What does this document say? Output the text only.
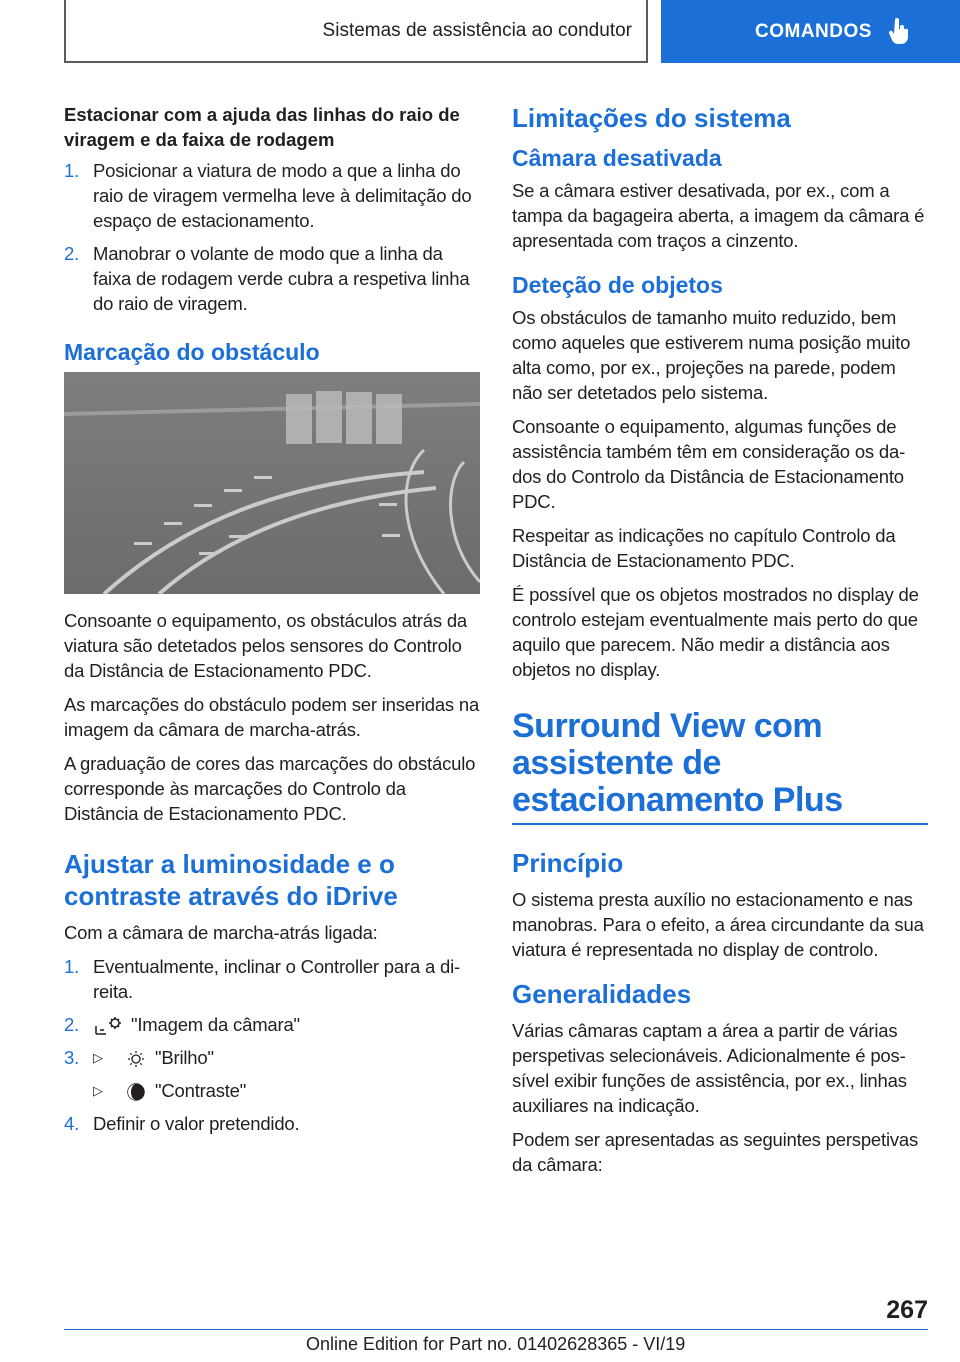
Sistemas de assistência ao condutor	COMANDOS
Estacionar com a ajuda das linhas do raio de viragem e da faixa de rodagem
1. Posicionar a viatura de modo a que a linha do raio de viragem vermelha leve à delimitação do espaço de estacionamento.
2. Manobrar o volante de modo que a linha da faixa de rodagem verde cubra a respetiva linha do raio de viragem.
Marcação do obstáculo

Consoante o equipamento, os obstáculos atrás da viatura são detetados pelos sensores do Controlo da Distância de Estacionamento PDC.

As marcações do obstáculo podem ser inseridas na imagem da câmara de marcha-atrás.

A graduação de cores das marcações do obstáculo corresponde às marcações do Controlo da Distância de Estacionamento PDC.

Ajustar a luminosidade e o contraste através do iDrive

Com a câmara de marcha-atrás ligada:

1. Eventualmente, inclinar o Controller para a direita.
2.	"Imagem da câmara"
3.	▷	"Brilho"
▷	"Contraste"
4. Definir o valor pretendido.
Limitações do sistema
Câmara desativada

Se a câmara estiver desativada, por ex., com a tampa da bagageira aberta, a imagem da câmara é apresentada com traços a cinzento.

Deteção de objetos

Os obstáculos de tamanho muito reduzido, bem como aqueles que estiverem numa posição muito alta como, por ex., projeções na parede, podem não ser detetados pelo sistema.

Consoante o equipamento, algumas funções de assistência também têm em consideração os dados do Controlo da Distância de Estacionamento PDC.

Respeitar as indicações no capítulo Controlo da Distância de Estacionamento PDC.

É possível que os objetos mostrados no display de controlo estejam eventualmente mais perto do que aquilo que parecem. Não medir a distância aos objetos no display.

Surround View com assistente de estacionamento Plus
Princípio

O sistema presta auxílio no estacionamento e nas manobras. Para o efeito, a área circundante da sua viatura é representada no display de controlo.

Generalidades

Várias câmaras captam a área a partir de várias perspetivas selecionáveis. Adicionalmente é possível exibir funções de assistência, por ex., linhas auxiliares na indicação.

Podem ser apresentadas as seguintes perspetivas da câmara:

267
Online Edition for Part no. 01402628365 - VI/19
